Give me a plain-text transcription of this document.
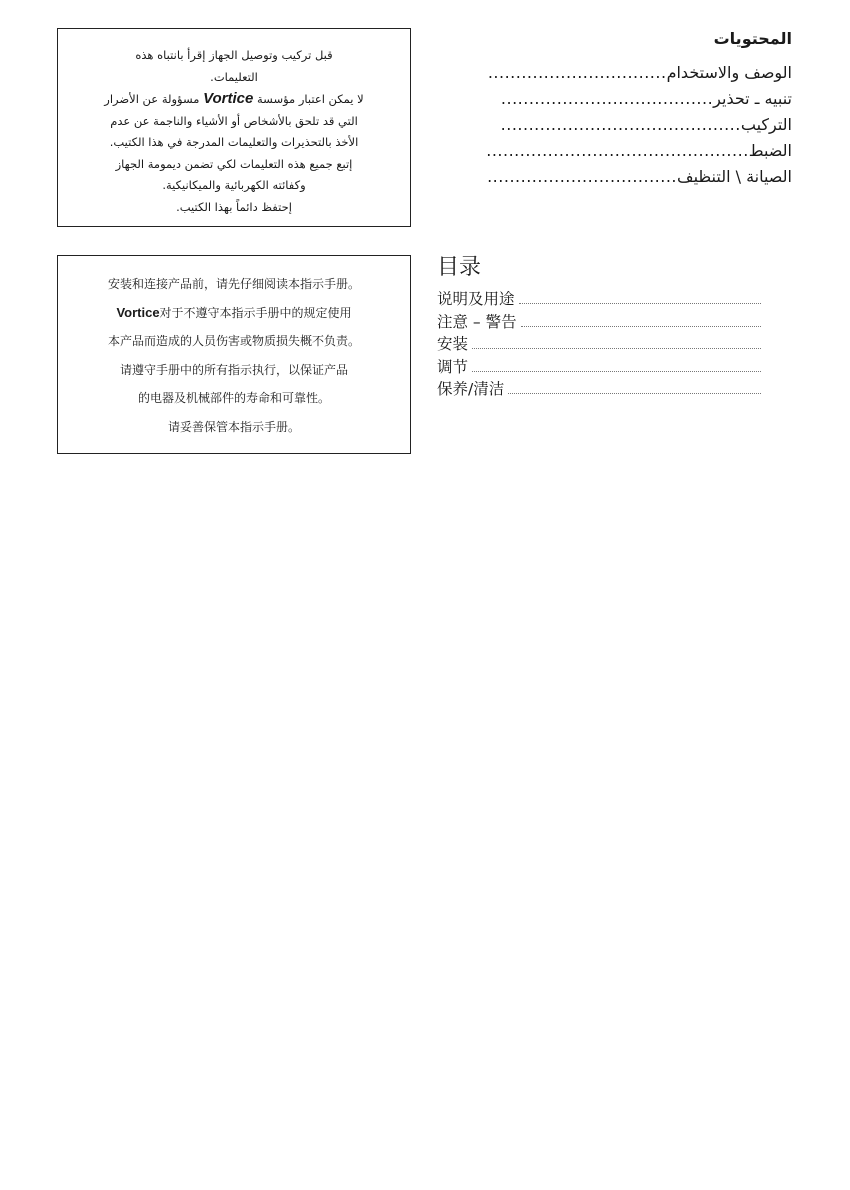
قبل تركيب وتوصيل الجهاز إقرأ بانتباه هذه
التعليمات.
لا يمكن اعتبار مؤسسة Vortice مسؤولة عن الأضرار
التي قد تلحق بالأشخاص أو الأشياء والناجمة عن عدم
الأخذ بالتحذيرات والتعليمات المدرجة في هذا الكتيب.
إتبع جميع هذه التعليمات لكي تضمن ديمومة الجهاز
وكفائته الكهربائية والميكانيكية.
إحتفظ دائماً بهذا الكتيب.
安装和连接产品前，请先仔细阅读本指示手册。
Vortice对于不遵守本指示手册中的规定使用
本产品而造成的人员伤害或物质损失概不负责。
请遵守手册中的所有指示执行，以保证产品
的电器及机械部件的寿命和可靠性。
请妥善保管本指示手册。
المحتويات
الوصف والاستخدام
................................
تنبيه ـ تحذير
......................................
التركيب
...........................................
الضبط
...............................................
الصيانة \ التنظيف
..................................
目录
说明及用途
注意 – 警告
安装
调节
保养/清洁
